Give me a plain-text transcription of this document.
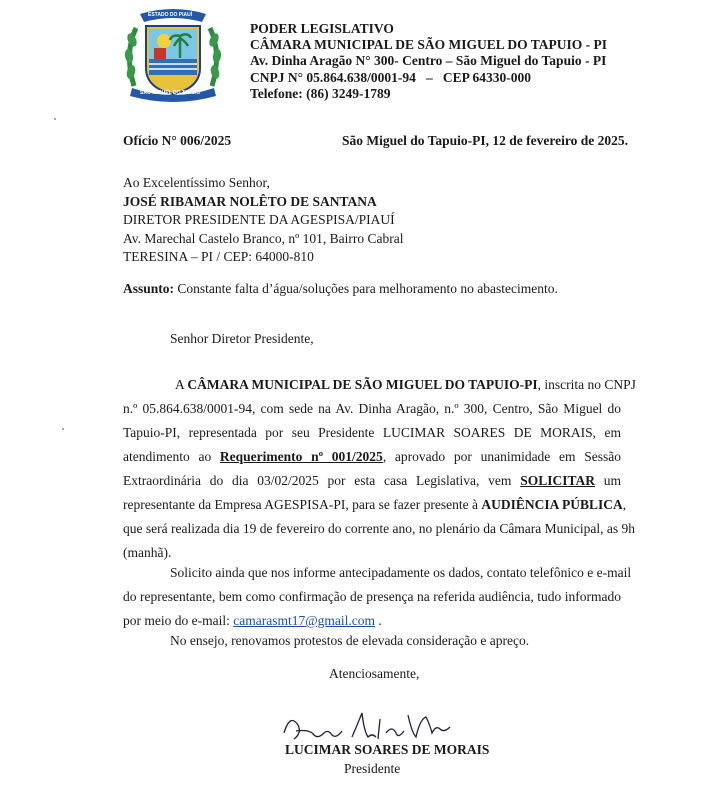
ESTADO DO PIAUÍ
SÃO MIGUEL DO TAPUIO
PODER LEGISLATIVO
CÂMARA MUNICIPAL DE SÃO MIGUEL DO TAPUIO - PI
Av. Dinha Aragão N° 300- Centro – São Miguel do Tapuio - PI
CNPJ N° 05.864.638/0001-94   –   CEP 64330-000
Telefone: (86) 3249-1789
Ofício N° 006/2025	São Miguel do Tapuio-PI, 12 de fevereiro de 2025.
Ao Excelentíssimo Senhor,
JOSÉ RIBAMAR NOLÊTO DE SANTANA
DIRETOR PRESIDENTE DA AGESPISA/PIAUÍ
Av. Marechal Castelo Branco, nº 101, Bairro Cabral
TERESINA – PI / CEP: 64000-810
Assunto: Constante falta d’água/soluções para melhoramento no abastecimento.
Senhor Diretor Presidente,
A CÂMARA MUNICIPAL DE SÃO MIGUEL DO TAPUIO-PI, inscrita no CNPJ
n.º 05.864.638/0001-94, com sede na Av. Dinha Aragão, n.º 300, Centro, São Miguel do
Tapuio-PI, representada por seu Presidente LUCIMAR SOARES DE MORAIS, em
atendimento ao Requerimento nº 001/2025, aprovado por unanimidade em Sessão
Extraordinária do dia 03/02/2025 por esta casa Legislativa, vem SOLICITAR um
representante da Empresa AGESPISA-PI, para se fazer presente à AUDIÊNCIA PÚBLICA,
que será realizada dia 19 de fevereiro do corrente ano, no plenário da Câmara Municipal, as 9h
(manhã).
Solicito ainda que nos informe antecipadamente os dados, contato telefônico e e-mail
do representante, bem como confirmação de presença na referida audiência, tudo informado
por meio do e-mail: camarasmt17@gmail.com .
No ensejo, renovamos protestos de elevada consideração e apreço.
Atenciosamente,
LUCIMAR SOARES DE MORAIS
Presidente
